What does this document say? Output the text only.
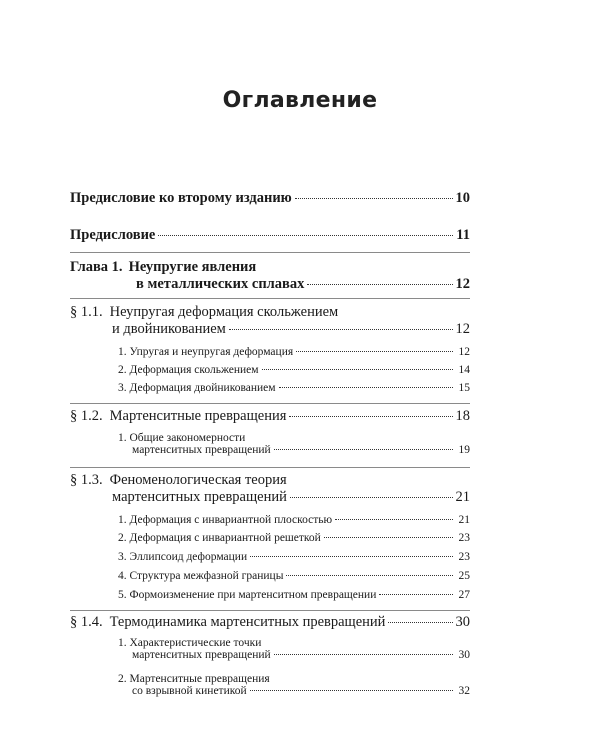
Оглавление
Предисловие ко второму изданию	10
Предисловие	11
Глава 1. Неупругие явления
в металлических сплавах	12
§ 1.1. Неупругая деформация скольжением
и двойникованием	12
1. Упругая и неупругая деформация	12
2. Деформация скольжением	14
3. Деформация двойникованием	15
§ 1.2. Мартенситные превращения	18
1. Общие закономерности
мартенситных превращений	19
§ 1.3. Феноменологическая теория
мартенситных превращений	21
1. Деформация с инвариантной плоскостью	21
2. Деформация с инвариантной решеткой	23
3. Эллипсоид деформации	23
4. Структура межфазной границы	25
5. Формоизменение при мартенситном превращении	27
§ 1.4. Термодинамика мартенситных превращений	30
1. Характеристические точки
мартенситных превращений	30
2. Мартенситные превращения
со взрывной кинетикой	32
